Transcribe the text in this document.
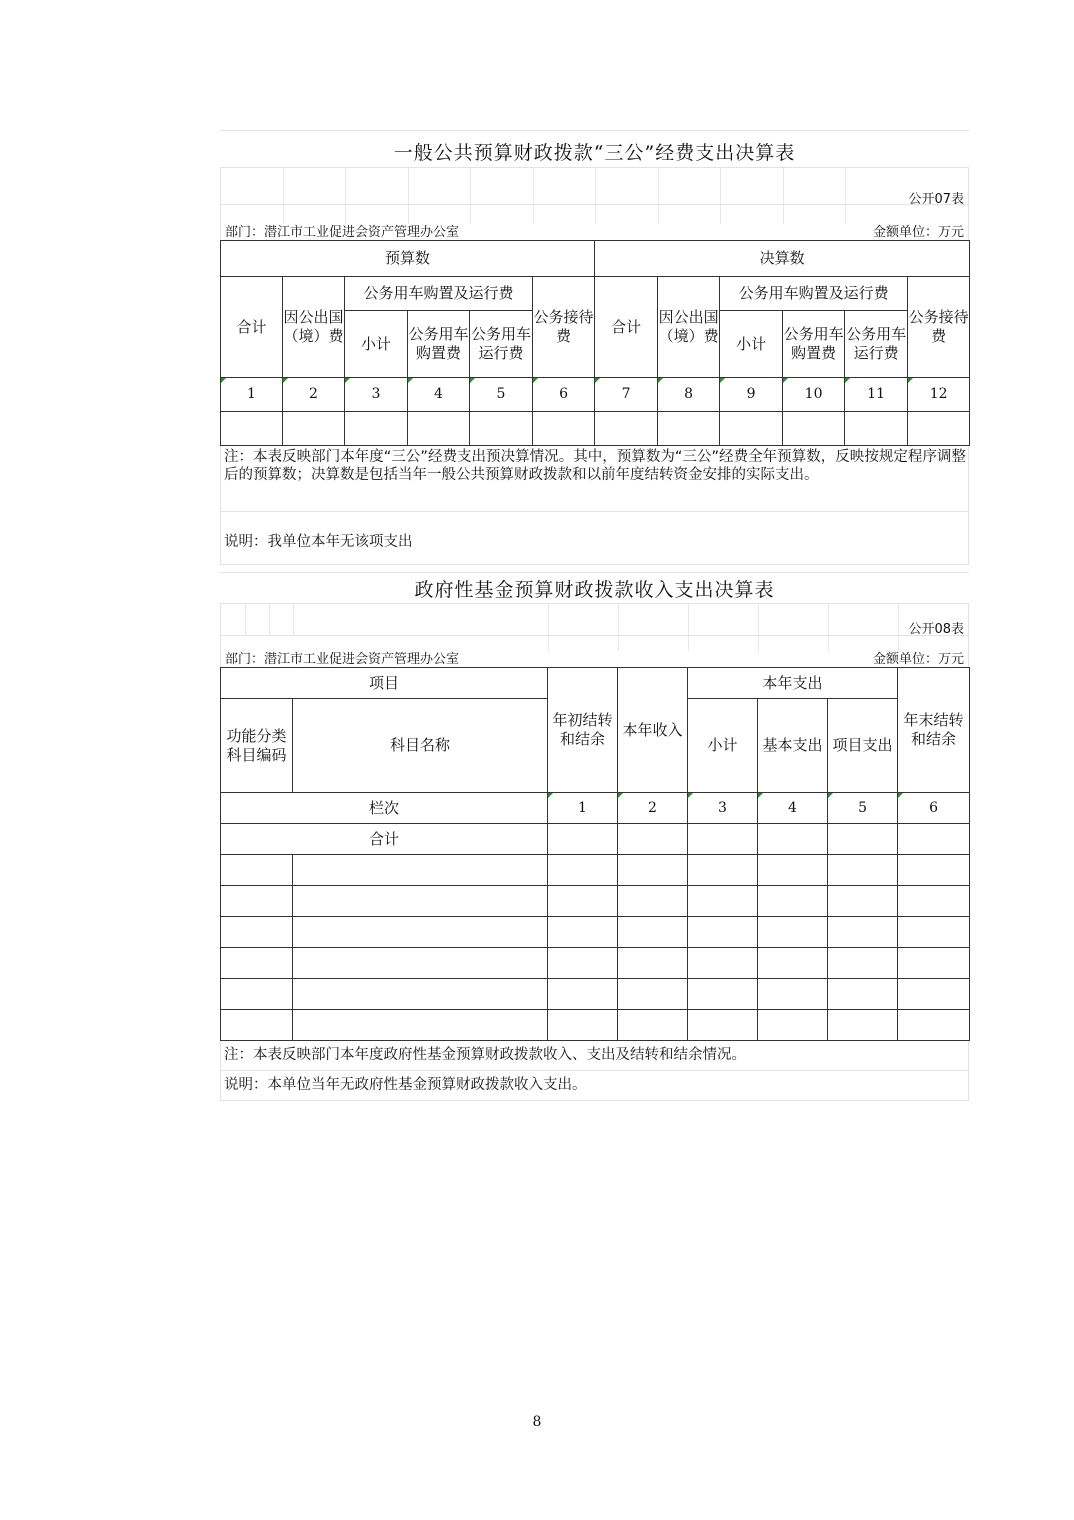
一般公共预算财政拨款“三公”经费支出决算表
公开07表
部门：潜江市工业促进会资产管理办公室	金额单位：万元
预算数						决算数					
合计	因公出国（境）费	公务用车购置及运行费			公务接待费	合计	因公出国（境）费	公务用车购置及运行费			公务接待费
		小计	公务用车购置费	公务用车运行费				小计	公务用车购置费	公务用车运行费	
1	2	3	4	5	6	7	8	9	10	11	12

注：本表反映部门本年度“三公”经费支出预决算情况。其中，预算数为“三公”经费全年预算数，反映按规定程序调整后的预算数；决算数是包括当年一般公共预算财政拨款和以前年度结转资金安排的实际支出。
说明：我单位本年无该项支出
政府性基金预算财政拨款收入支出决算表
公开08表
部门：潜江市工业促进会资产管理办公室	金额单位：万元
项目		年初结转和结余	本年收入	本年支出			年末结转和结余
功能分类科目编码	科目名称			小计	基本支出	项目支出	
栏次		1	2	3	4	5	6
合计							

注：本表反映部门本年度政府性基金预算财政拨款收入、支出及结转和结余情况。
说明：本单位当年无政府性基金预算财政拨款收入支出。
8
